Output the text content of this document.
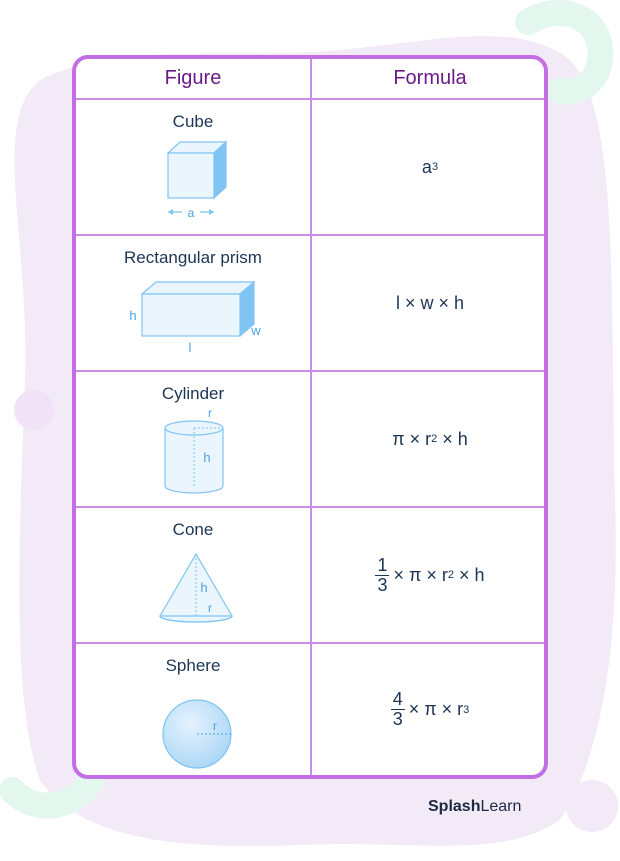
Figure	Formula
Cube
a
a 3
Rectangular prism
h
l
w
l × w × h
Cylinder
r
h
π × r 2 × h
Cone
h
r
$\frac{1}{3} \times \pi \times r$ 2 × h
Sphere
r	$\frac{4}{3} \times \pi \times r$ 3
SplashLearn
